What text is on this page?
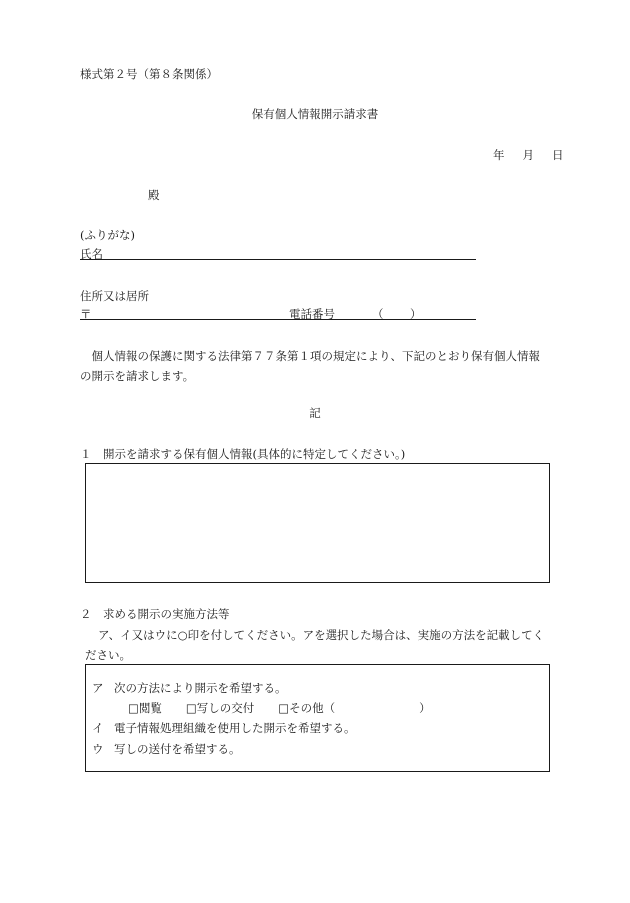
様式第２号（第８条関係）
保有個人情報開示請求書
年 月 日
殿
(ふりがな)
氏名
住所又は居所
〒	電話番号	（ ）
　個人情報の保護に関する法律第７７条第１項の規定により、下記のとおり保有個人情報
の開示を請求します。
記
１　開示を請求する保有個人情報(具体的に特定してください。)
２　求める開示の実施方法等
ア、イ又はウに○印を付してください。アを選択した場合は、実施の方法を記載してく
ださい。
ア 次の方法により開示を希望する。
□閲覧 □写しの交付 □その他（	）
イ 電子情報処理組織を使用した開示を希望する。
ウ 写しの送付を希望する。
